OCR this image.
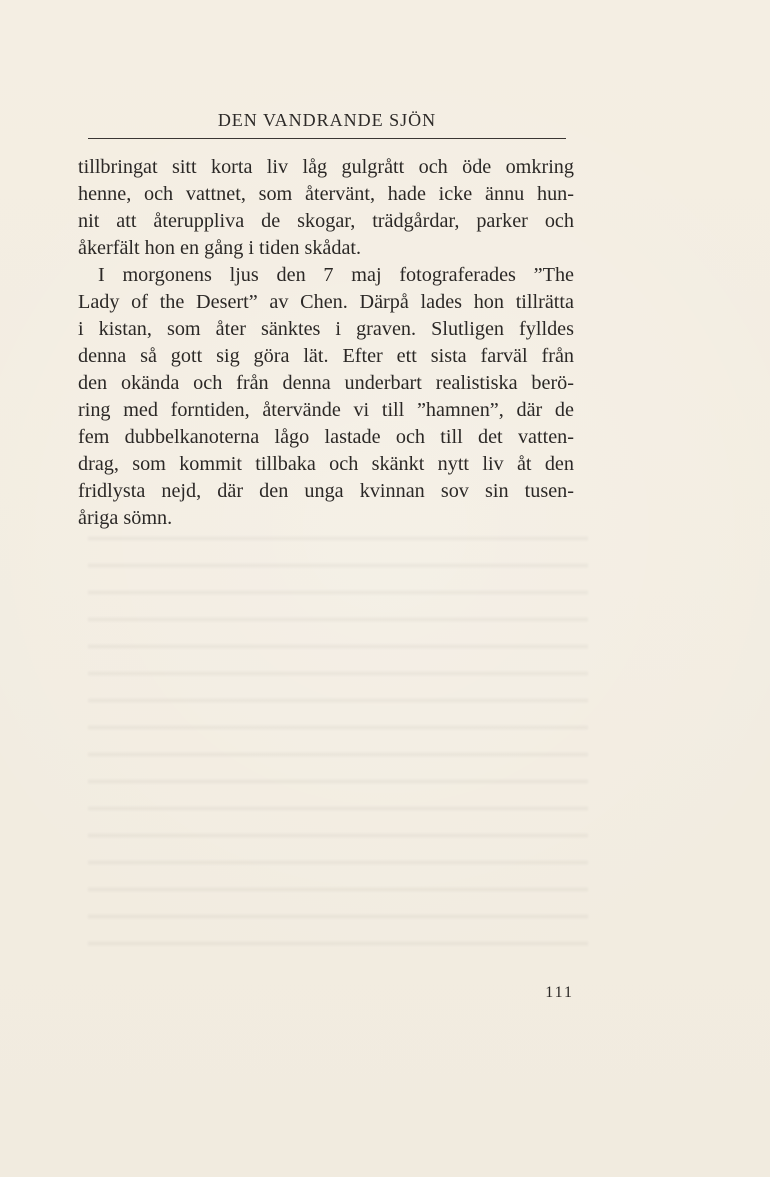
DEN VANDRANDE SJÖN
tillbringat sitt korta liv låg gulgrått och öde omkring
henne, och vattnet, som återvänt, hade icke ännu hun-
nit att återuppliva de skogar, trädgårdar, parker och
åkerfält hon en gång i tiden skådat.
I morgonens ljus den 7 maj fotograferades ”The
Lady of the Desert” av Chen. Därpå lades hon tillrätta
i kistan, som åter sänktes i graven. Slutligen fylldes
denna så gott sig göra lät. Efter ett sista farväl från
den okända och från denna underbart realistiska berö-
ring med forntiden, återvände vi till ”hamnen”, där de
fem dubbelkanoterna lågo lastade och till det vatten-
drag, som kommit tillbaka och skänkt nytt liv åt den
fridlysta nejd, där den unga kvinnan sov sin tusen-
åriga sömn.
111
